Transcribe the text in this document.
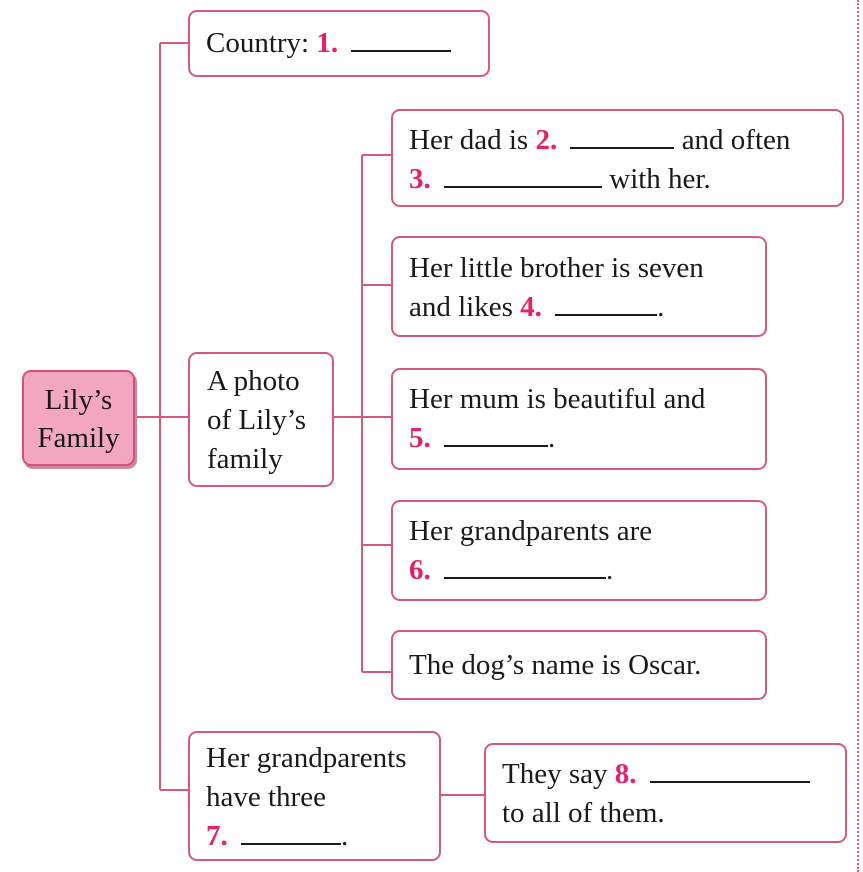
Lily’s
Family
Country: 1.
A photo
of Lily’s
family
Her dad is 2.	and often
3.	with her.
Her little brother is seven
and likes 4.	.
Her mum is beautiful and
5.	.
Her grandparents are
6.	.
The dog’s name is Oscar.
Her grandparents
have three
7.	.
They say 8.
to all of them.
